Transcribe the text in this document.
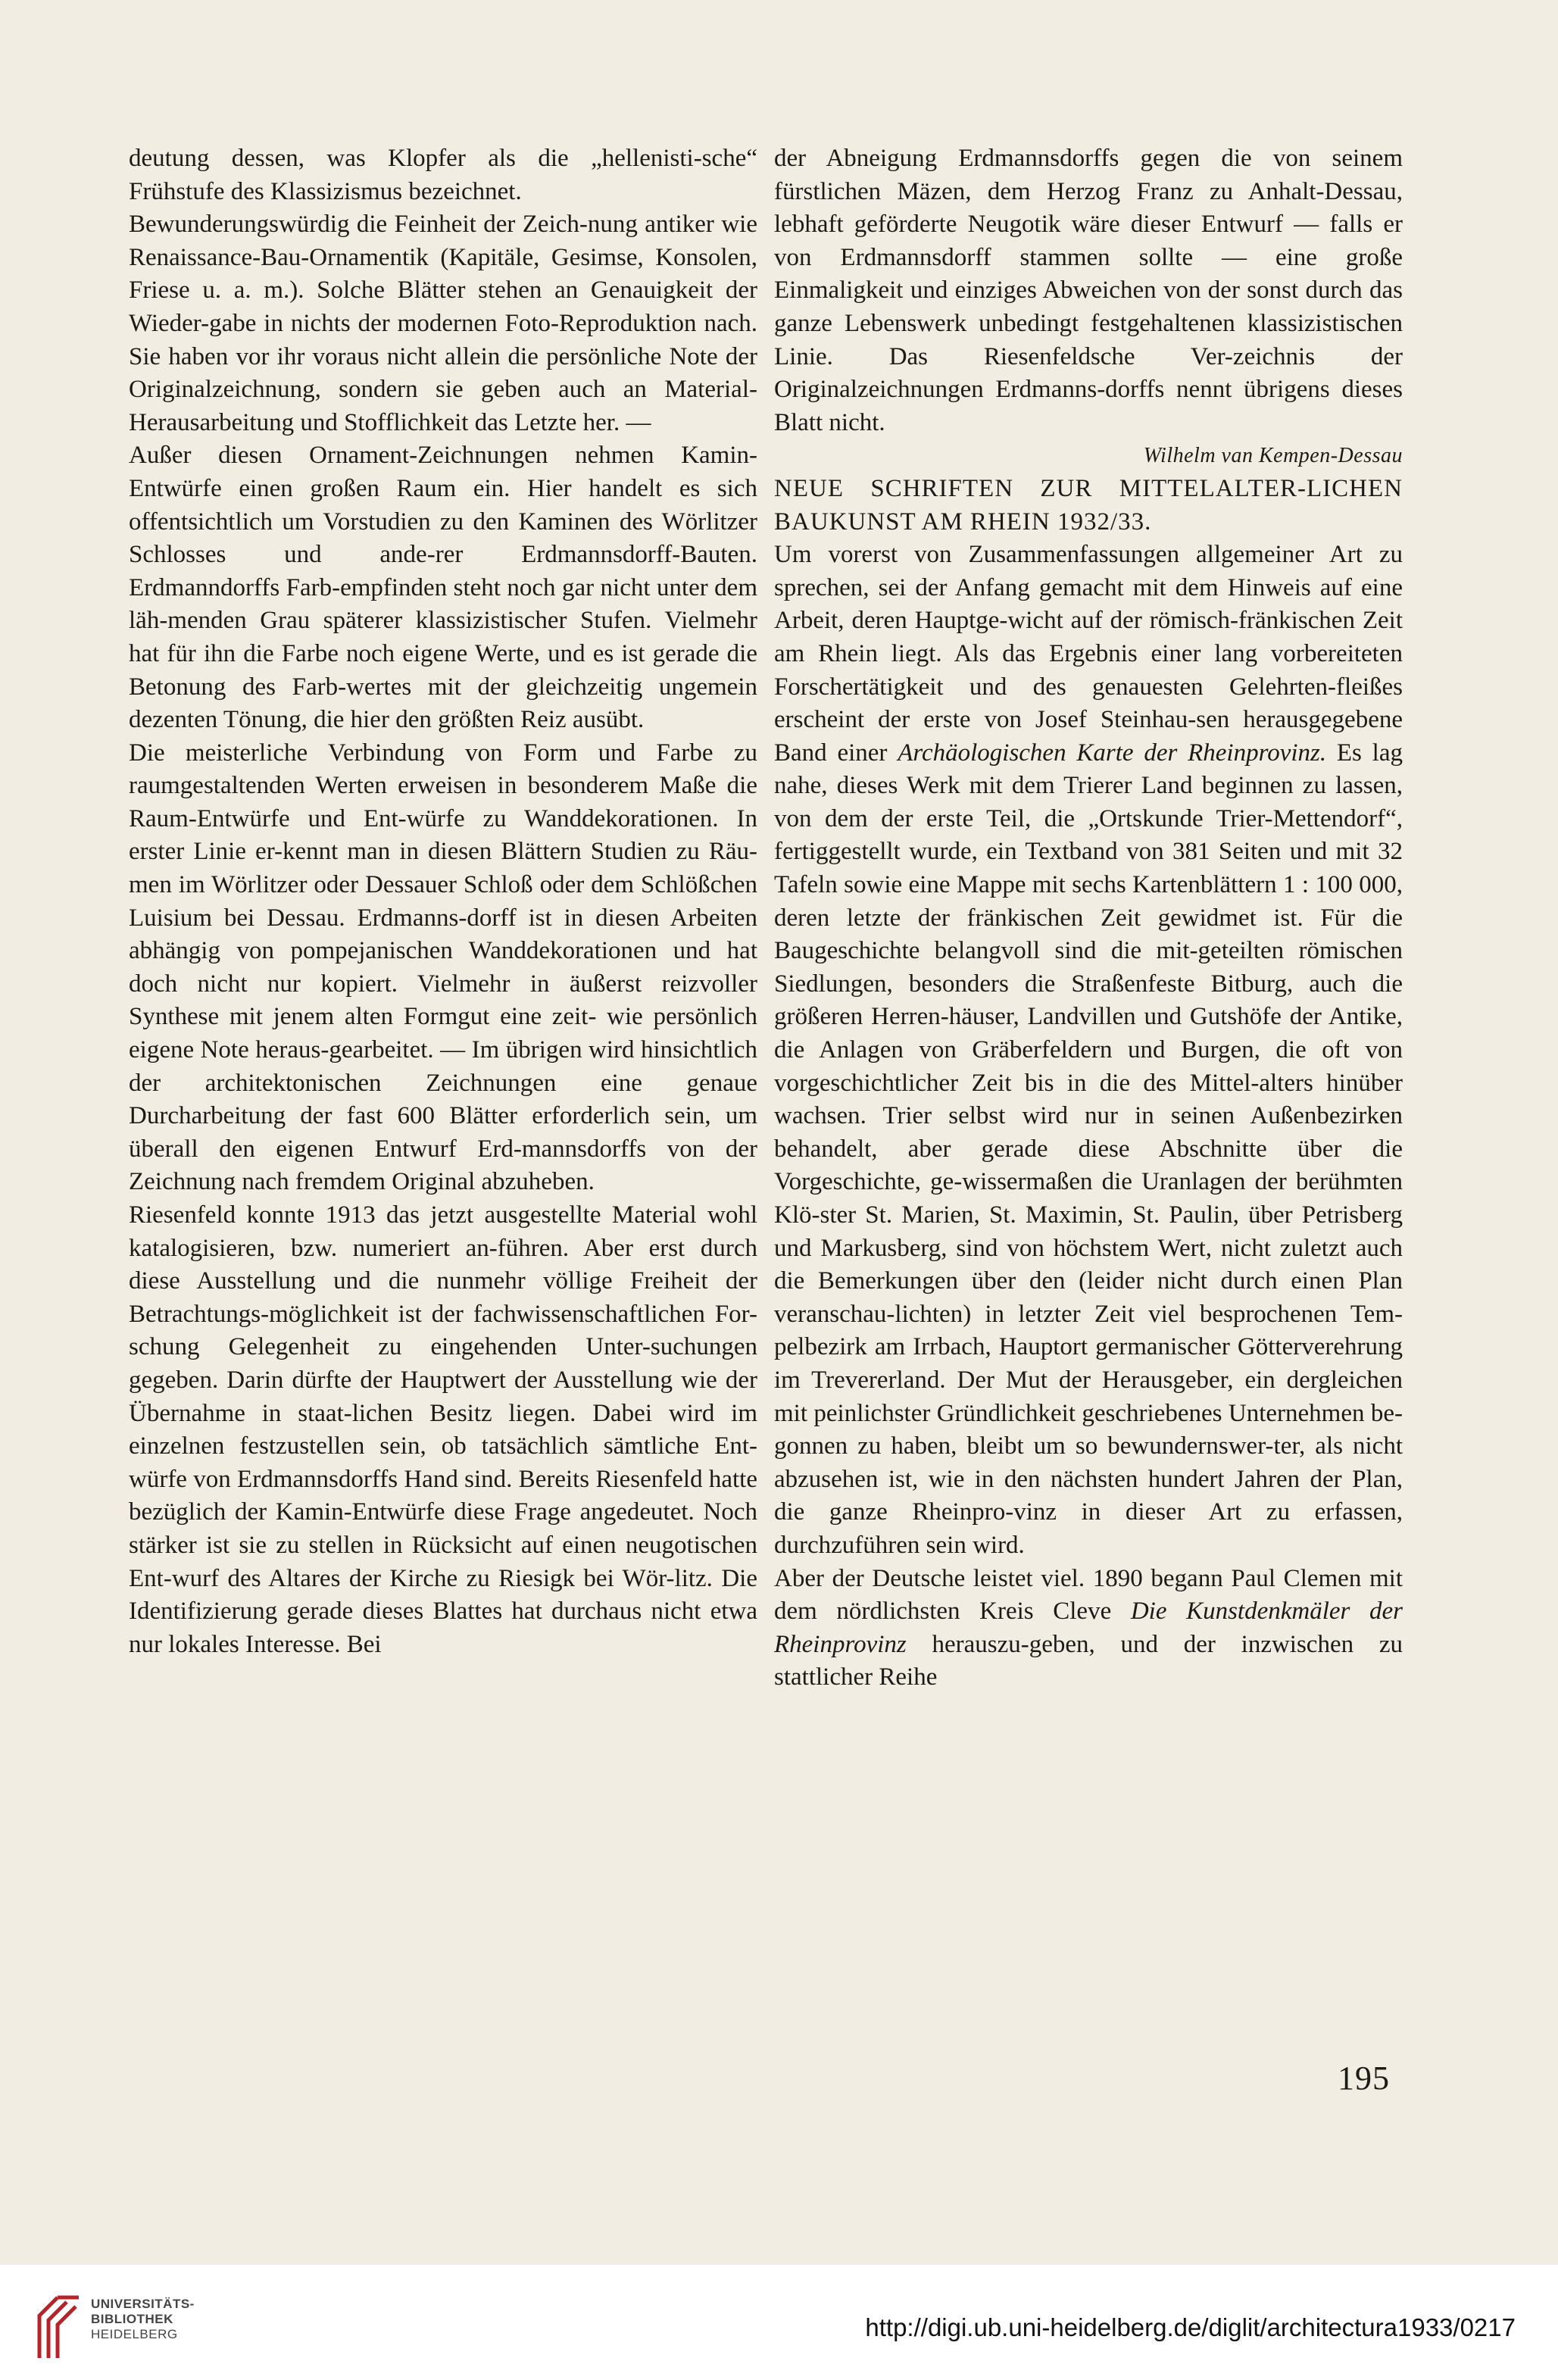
deutung dessen, was Klopfer als die „hellenisti-sche“ Frühstufe des Klassizismus bezeichnet.

Bewunderungswürdig die Feinheit der Zeich-nung antiker wie Renaissance-Bau-Ornamentik (Kapitäle, Gesimse, Konsolen, Friese u. a. m.). Solche Blätter stehen an Genauigkeit der Wieder-gabe in nichts der modernen Foto-Reproduktion nach. Sie haben vor ihr voraus nicht allein die persönliche Note der Originalzeichnung, sondern sie geben auch an Material-Herausarbeitung und Stofflichkeit das Letzte her. —

Außer diesen Ornament-Zeichnungen nehmen Kamin-Entwürfe einen großen Raum ein. Hier handelt es sich offentsichtlich um Vorstudien zu den Kaminen des Wörlitzer Schlosses und ande-rer Erdmannsdorff-Bauten. Erdmanndorffs Farb-empfinden steht noch gar nicht unter dem läh-menden Grau späterer klassizistischer Stufen. Vielmehr hat für ihn die Farbe noch eigene Werte, und es ist gerade die Betonung des Farb-wertes mit der gleichzeitig ungemein dezenten Tönung, die hier den größten Reiz ausübt.

Die meisterliche Verbindung von Form und Farbe zu raumgestaltenden Werten erweisen in besonderem Maße die Raum-Entwürfe und Ent-würfe zu Wanddekorationen. In erster Linie er-kennt man in diesen Blättern Studien zu Räu-men im Wörlitzer oder Dessauer Schloß oder dem Schlößchen Luisium bei Dessau. Erdmanns-dorff ist in diesen Arbeiten abhängig von pompejanischen Wanddekorationen und hat doch nicht nur kopiert. Vielmehr in äußerst reizvoller Synthese mit jenem alten Formgut eine zeit- wie persönlich eigene Note heraus-gearbeitet. — Im übrigen wird hinsichtlich der architektonischen Zeichnungen eine genaue Durcharbeitung der fast 600 Blätter erforderlich sein, um überall den eigenen Entwurf Erd-mannsdorffs von der Zeichnung nach fremdem Original abzuheben.

Riesenfeld konnte 1913 das jetzt ausgestellte Material wohl katalogisieren, bzw. numeriert an-führen. Aber erst durch diese Ausstellung und die nunmehr völlige Freiheit der Betrachtungs-möglichkeit ist der fachwissenschaftlichen For-schung Gelegenheit zu eingehenden Unter-suchungen gegeben. Darin dürfte der Hauptwert der Ausstellung wie der Übernahme in staat-lichen Besitz liegen. Dabei wird im einzelnen festzustellen sein, ob tatsächlich sämtliche Ent-würfe von Erdmannsdorffs Hand sind. Bereits Riesenfeld hatte bezüglich der Kamin-Entwürfe diese Frage angedeutet. Noch stärker ist sie zu stellen in Rücksicht auf einen neugotischen Ent-wurf des Altares der Kirche zu Riesigk bei Wör-litz. Die Identifizierung gerade dieses Blattes hat durchaus nicht etwa nur lokales Interesse. Bei

der Abneigung Erdmannsdorffs gegen die von seinem fürstlichen Mäzen, dem Herzog Franz zu Anhalt-Dessau, lebhaft geförderte Neugotik wäre dieser Entwurf — falls er von Erdmannsdorff stammen sollte — eine große Einmaligkeit und einziges Abweichen von der sonst durch das ganze Lebenswerk unbedingt festgehaltenen klassizistischen Linie. Das Riesenfeldsche Ver-zeichnis der Originalzeichnungen Erdmanns-dorffs nennt übrigens dieses Blatt nicht.

Wilhelm van Kempen-Dessau

NEUE SCHRIFTEN ZUR MITTELALTER-LICHEN BAUKUNST AM RHEIN 1932/33.

Um vorerst von Zusammenfassungen allgemeiner Art zu sprechen, sei der Anfang gemacht mit dem Hinweis auf eine Arbeit, deren Hauptge-wicht auf der römisch-fränkischen Zeit am Rhein liegt. Als das Ergebnis einer lang vorbereiteten Forschertätigkeit und des genauesten Gelehrten-fleißes erscheint der erste von Josef Steinhau-sen herausgegebene Band einer Archäologischen Karte der Rheinprovinz. Es lag nahe, dieses Werk mit dem Trierer Land beginnen zu lassen, von dem der erste Teil, die „Ortskunde Trier-Mettendorf“, fertiggestellt wurde, ein Textband von 381 Seiten und mit 32 Tafeln sowie eine Mappe mit sechs Kartenblättern 1 : 100 000, deren letzte der fränkischen Zeit gewidmet ist. Für die Baugeschichte belangvoll sind die mit-geteilten römischen Siedlungen, besonders die Straßenfeste Bitburg, auch die größeren Herren-häuser, Landvillen und Gutshöfe der Antike, die Anlagen von Gräberfeldern und Burgen, die oft von vorgeschichtlicher Zeit bis in die des Mittel-alters hinüber wachsen. Trier selbst wird nur in seinen Außenbezirken behandelt, aber gerade diese Abschnitte über die Vorgeschichte, ge-wissermaßen die Uranlagen der berühmten Klö-ster St. Marien, St. Maximin, St. Paulin, über Petrisberg und Markusberg, sind von höchstem Wert, nicht zuletzt auch die Bemerkungen über den (leider nicht durch einen Plan veranschau-lichten) in letzter Zeit viel besprochenen Tem-pelbezirk am Irrbach, Hauptort germanischer Götterverehrung im Trevererland. Der Mut der Herausgeber, ein dergleichen mit peinlichster Gründlichkeit geschriebenes Unternehmen be-gonnen zu haben, bleibt um so bewundernswer-ter, als nicht abzusehen ist, wie in den nächsten hundert Jahren der Plan, die ganze Rheinpro-vinz in dieser Art zu erfassen, durchzuführen sein wird.

Aber der Deutsche leistet viel. 1890 begann Paul Clemen mit dem nördlichsten Kreis Cleve Die Kunstdenkmäler der Rheinprovinz herauszu-geben, und der inzwischen zu stattlicher Reihe

195
UNIVERSITÄTS-
BIBLIOTHEK
HEIDELBERG	http://digi.ub.uni-heidelberg.de/diglit/architectura1933/0217
